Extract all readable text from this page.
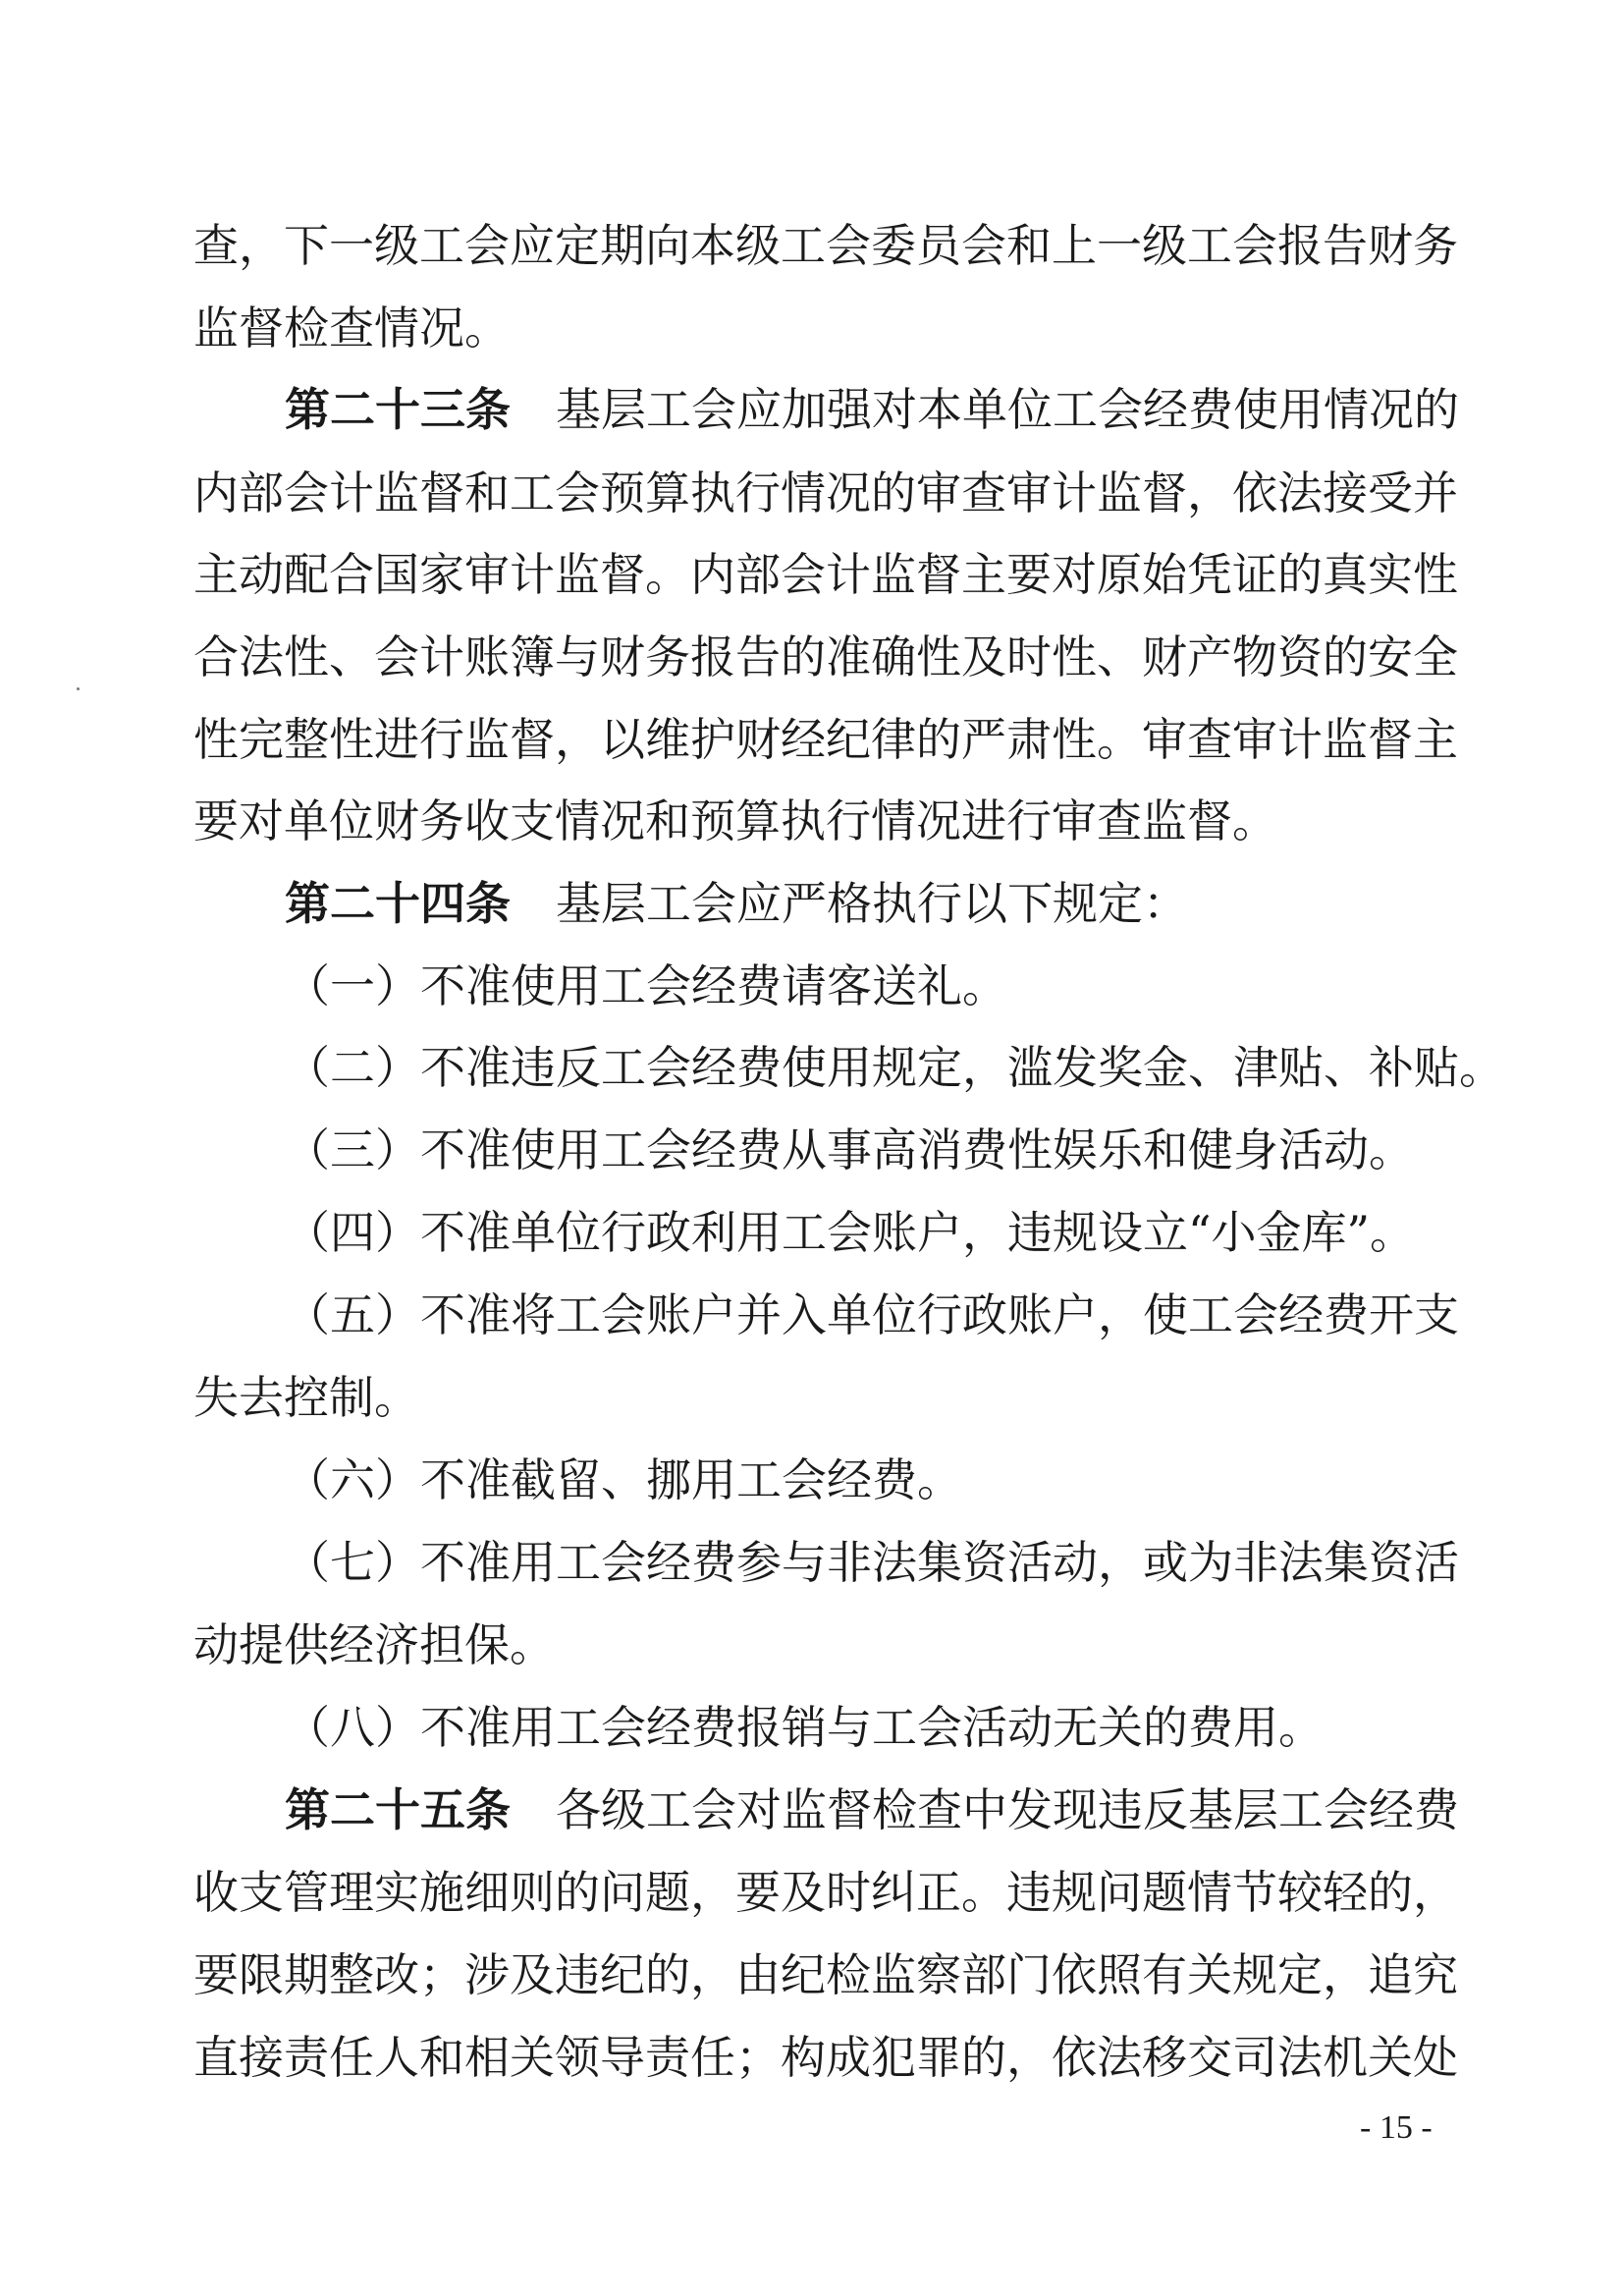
查，下一级工会应定期向本级工会委员会和上一级工会报告财务
监督检查情况。
第二十三条 基层工会应加强对本单位工会经费使用情况的
内部会计监督和工会预算执行情况的审查审计监督，依法接受并
主动配合国家审计监督。内部会计监督主要对原始凭证的真实性
合法性、会计账簿与财务报告的准确性及时性、财产物资的安全
性完整性进行监督，以维护财经纪律的严肃性。审查审计监督主
要对单位财务收支情况和预算执行情况进行审查监督。
第二十四条 基层工会应严格执行以下规定：
（一）不准使用工会经费请客送礼。
（二）不准违反工会经费使用规定，滥发奖金、津贴、补贴。
（三）不准使用工会经费从事高消费性娱乐和健身活动。
（四）不准单位行政利用工会账户，违规设立“小金库”。
（五）不准将工会账户并入单位行政账户，使工会经费开支
失去控制。
（六）不准截留、挪用工会经费。
（七）不准用工会经费参与非法集资活动，或为非法集资活
动提供经济担保。
（八）不准用工会经费报销与工会活动无关的费用。
第二十五条 各级工会对监督检查中发现违反基层工会经费
收支管理实施细则的问题，要及时纠正。违规问题情节较轻的，
要限期整改；涉及违纪的，由纪检监察部门依照有关规定，追究
直接责任人和相关领导责任；构成犯罪的，依法移交司法机关处
- 15 -
